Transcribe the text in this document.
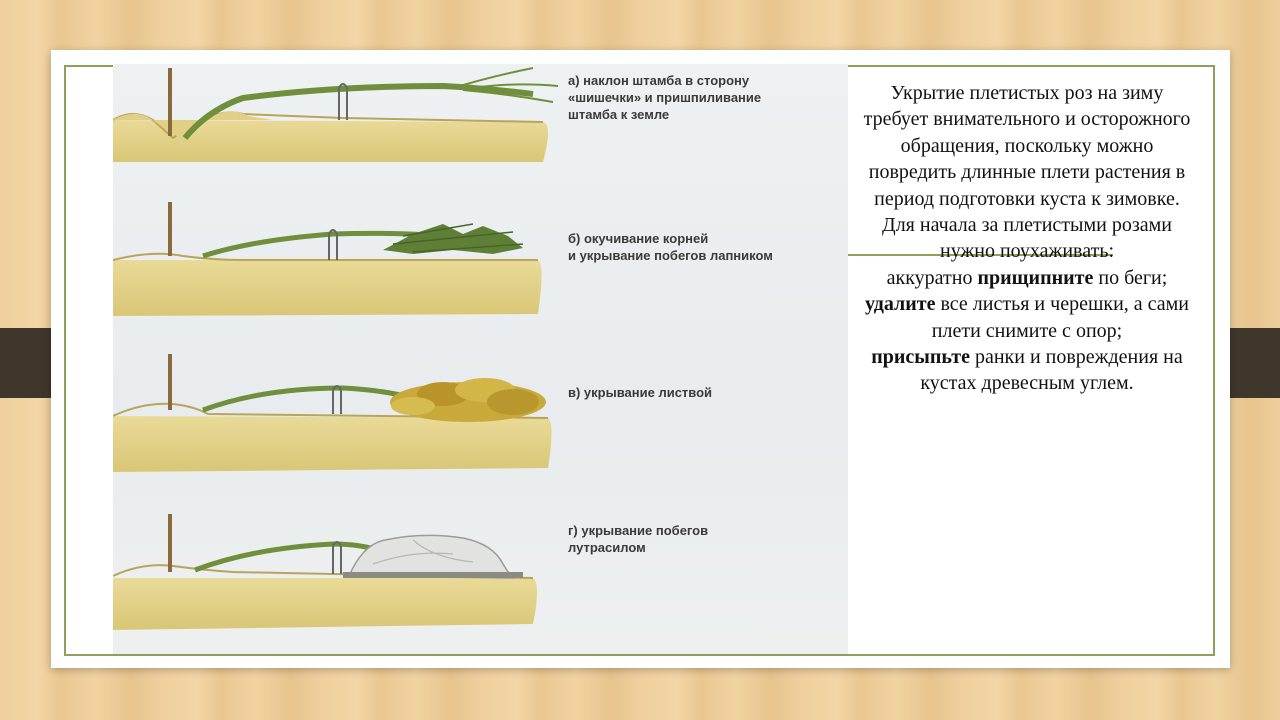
а) наклон штамба в сторону
«шишечки» и пришпиливание
штамба к земле
б) окучивание корней
и укрывание побегов лапником
в) укрывание листвой
г) укрывание побегов
лутрасилом

Укрытие плетистых роз на зиму требует внимательного и осторожного обращения, поскольку можно повредить длинные плети растения в период подготовки куста к зимовке. Для начала за плетистыми розами нужно поухаживать:

аккуратно прищипните по беги;

удалите все листья и черешки, а сами плети снимите с опор;

присыпьте ранки и повреждения на кустах древесным углем.
